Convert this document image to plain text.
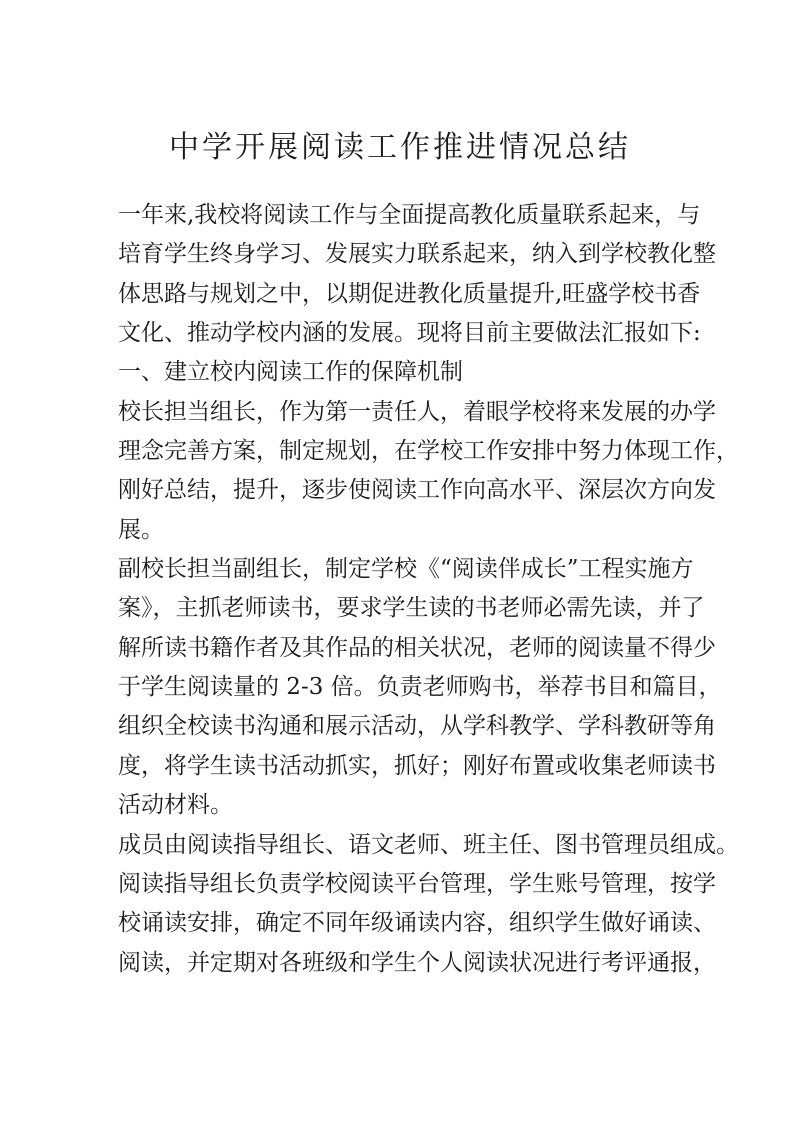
中学开展阅读工作推进情况总结
一年来,我校将阅读工作与全面提高教化质量联系起来，与
培育学生终身学习、发展实力联系起来，纳入到学校教化整
体思路与规划之中，以期促进教化质量提升,旺盛学校书香
文化、推动学校内涵的发展。现将目前主要做法汇报如下:
一、建立校内阅读工作的保障机制
校长担当组长，作为第一责任人，着眼学校将来发展的办学
理念完善方案，制定规划，在学校工作安排中努力体现工作，
刚好总结，提升，逐步使阅读工作向高水平、深层次方向发
展。
副校长担当副组长，制定学校《“阅读伴成长”工程实施方
案》，主抓老师读书，要求学生读的书老师必需先读，并了
解所读书籍作者及其作品的相关状况，老师的阅读量不得少
于学生阅读量的 2-3 倍。负责老师购书，举荐书目和篇目，
组织全校读书沟通和展示活动，从学科教学、学科教研等角
度，将学生读书活动抓实，抓好；刚好布置或收集老师读书
活动材料。
成员由阅读指导组长、语文老师、班主任、图书管理员组成。
阅读指导组长负责学校阅读平台管理，学生账号管理，按学
校诵读安排，确定不同年级诵读内容，组织学生做好诵读、
阅读，并定期对各班级和学生个人阅读状况进行考评通报，
